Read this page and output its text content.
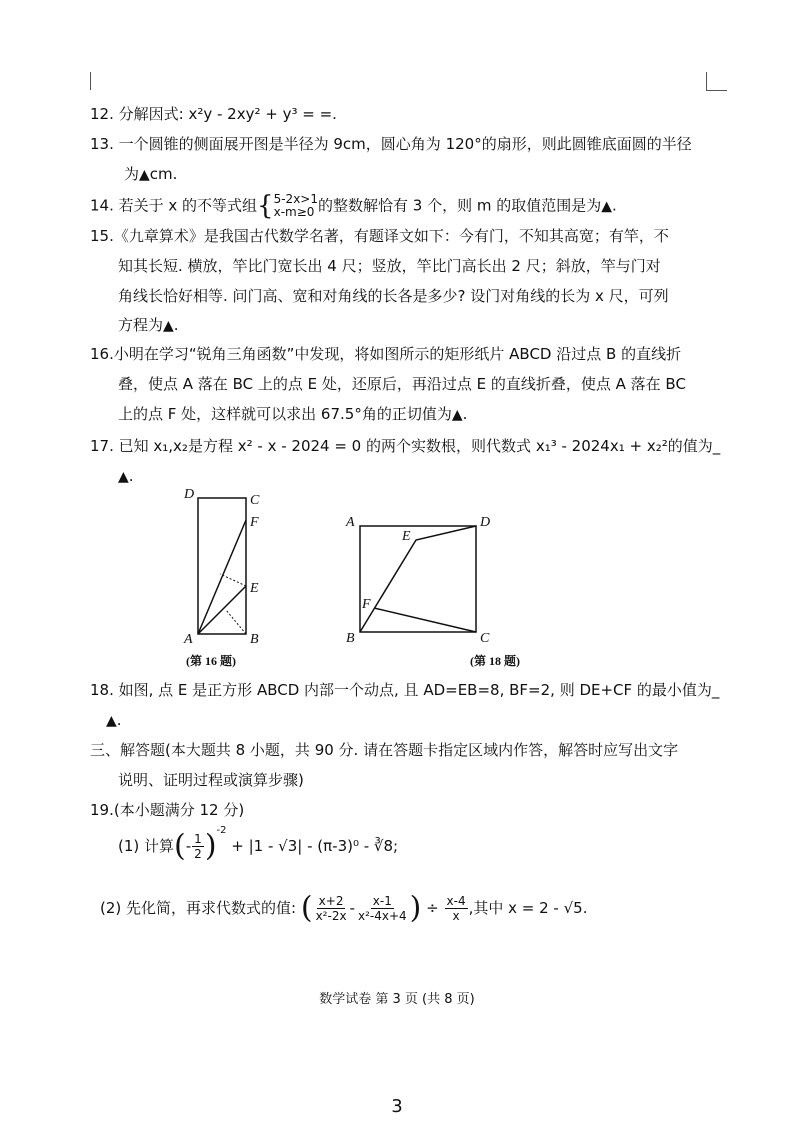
12. 分解因式: x²y - 2xy² + y³ = =.
13. 一个圆锥的侧面展开图是半径为 9cm，圆心角为 120°的扇形，则此圆锥底面圆的半径
为▲cm.
14. 若关于 x 的不等式组{5-2x>1
x-m≥0 的整数解恰有 3 个，则 m 的取值范围是为▲.
15.《九章算术》是我国古代数学名著，有题译文如下：今有门，不知其高宽；有竿，不
知其长短. 横放，竿比门宽长出 4 尺；竖放，竿比门高长出 2 尺；斜放，竿与门对
角线长恰好相等. 问门高、宽和对角线的长各是多少? 设门对角线的长为 x 尺，可列
方程为▲.
16.小明在学习“锐角三角函数”中发现，将如图所示的矩形纸片 ABCD 沿过点 B 的直线折
叠，使点 A 落在 BC 上的点 E 处，还原后，再沿过点 E 的直线折叠，使点 A 落在 BC
上的点 F 处，这样就可以求出 67.5°角的正切值为▲.
17. 已知 x₁,x₂是方程 x² - x - 2024 = 0 的两个实数根，则代数式 x₁³ - 2024x₁ + x₂²的值为_
▲.
D	C
F
E
A	B
(第 16 题)
A	D
E
F
B	C
(第 18 题)
18. 如图, 点 E 是正方形 ABCD 内部一个动点, 且 AD=EB=8, BF=2, 则 DE+CF 的最小值为_
▲.
三、解答题(本大题共 8 小题，共 90 分. 请在答题卡指定区域内作答，解答时应写出文字
说明、证明过程或演算步骤)
19.(本小题满分 12 分)
(1) 计算(- $\frac{1}{2} )^{-2} + |1 - √3| - (\pi-3)^0$ - ∛8;
(2) 先化简，再求代数式的值: ( $\frac{x+2}{\text{x²-2x}} - \frac{x-1}{\text{x²-4x+4}}$ ) ÷ $\frac{x-4}{x}$ ,其中 x = 2 - √5.
数学试卷 第 3 页 (共 8 页)
3
